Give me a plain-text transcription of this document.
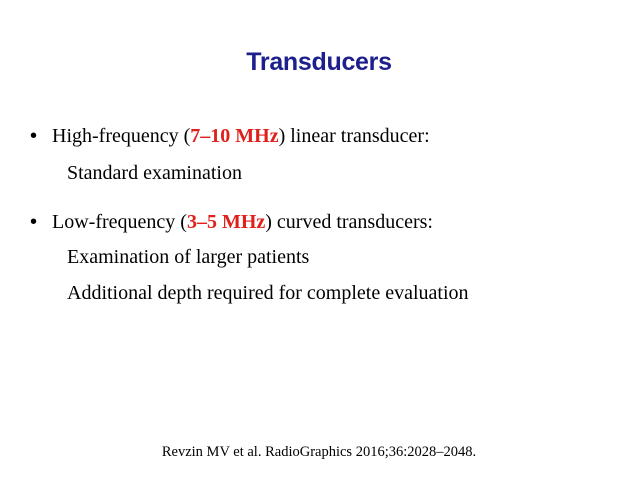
Transducers
• High-frequency (7–10 MHz) linear transducer:
Standard examination
• Low-frequency (3–5 MHz) curved transducers:
Examination of larger patients
Additional depth required for complete evaluation
Revzin MV et al. RadioGraphics 2016;36:2028–2048.
